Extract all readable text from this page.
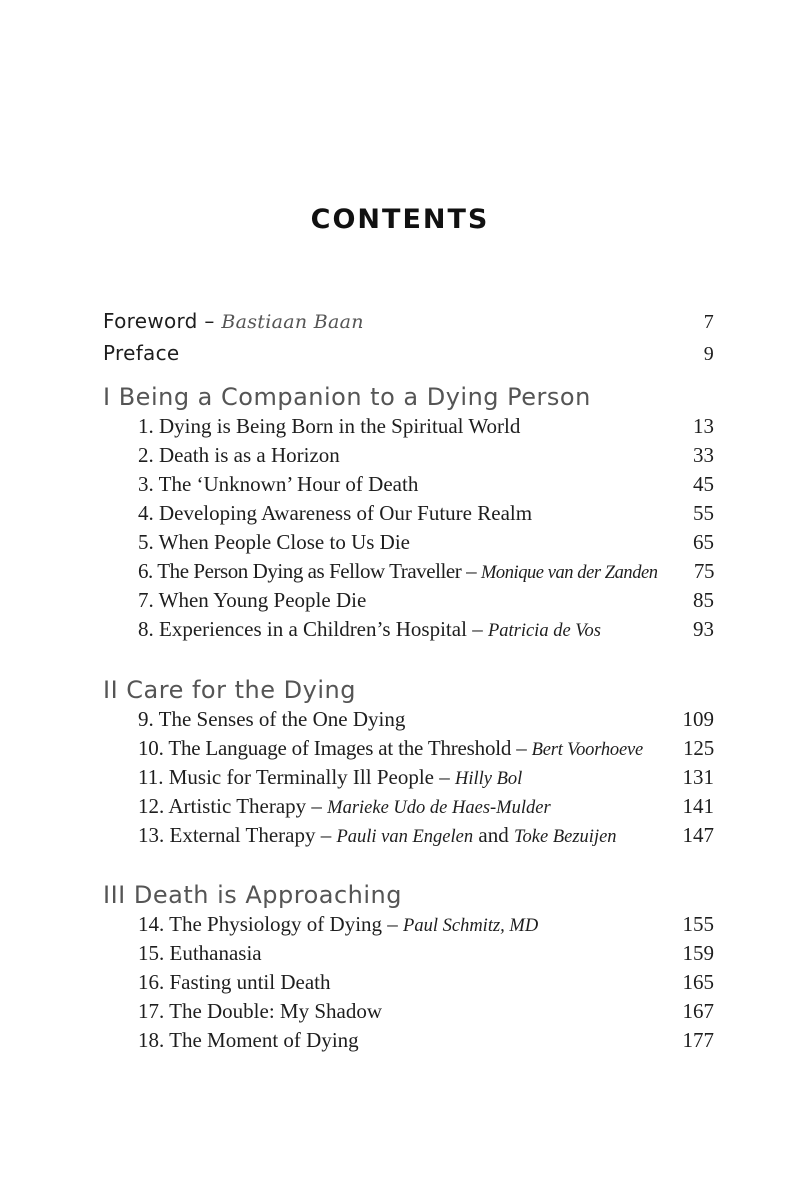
CONTENTS
Foreword – Bastiaan Baan	7
Preface	9
I Being a Companion to a Dying Person
1. Dying is Being Born in the Spiritual World	13
2. Death is as a Horizon	33
3. The ‘Unknown’ Hour of Death	45
4. Developing Awareness of Our Future Realm	55
5. When People Close to Us Die	65
6. The Person Dying as Fellow Traveller – Monique van der Zanden 75
7. When Young People Die	85
8. Experiences in a Children’s Hospital – Patricia de Vos	93
II Care for the Dying
9. The Senses of the One Dying	109
10. The Language of Images at the Threshold – Bert Voorhoeve 125
11. Music for Terminally Ill People – Hilly Bol	131
12. Artistic Therapy – Marieke Udo de Haes-Mulder	141
13. External Therapy – Pauli van Engelen and Toke Bezuijen	147
III Death is Approaching
14. The Physiology of Dying – Paul Schmitz, MD	155
15. Euthanasia	159
16. Fasting until Death	165
17. The Double: My Shadow	167
18. The Moment of Dying	177
